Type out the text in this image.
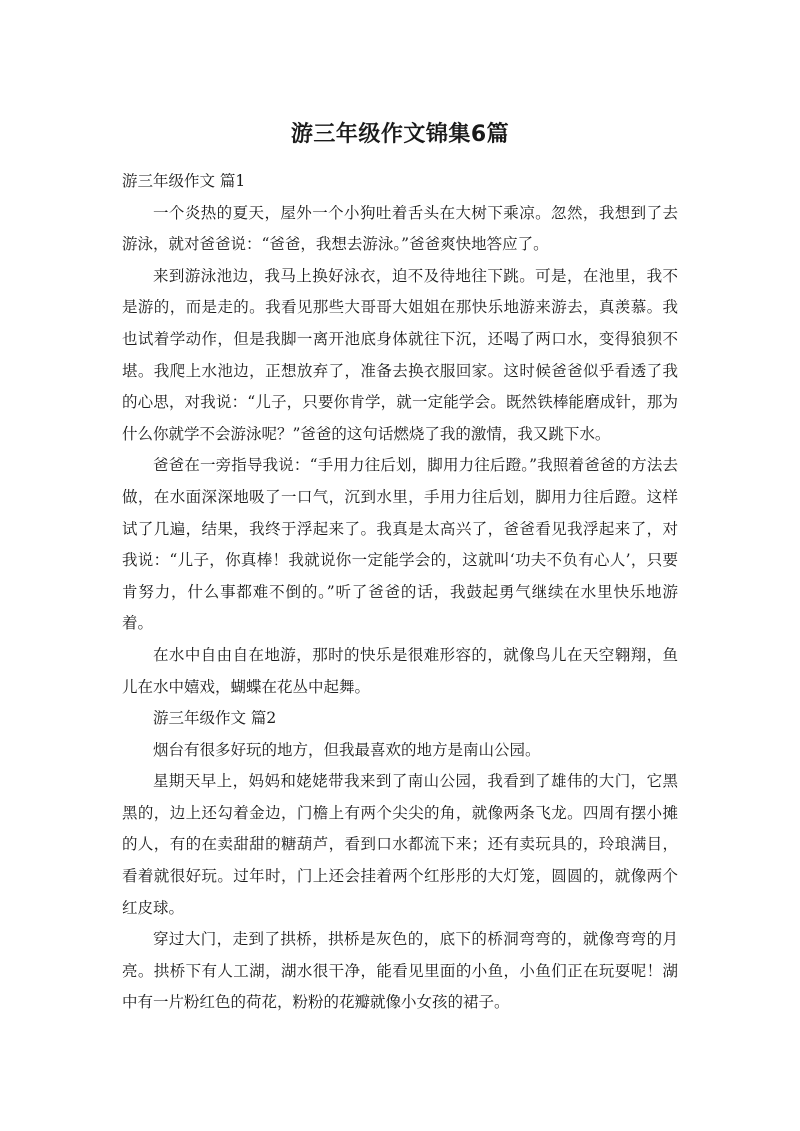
游三年级作文锦集6篇

游三年级作文 篇1

一个炎热的夏天，屋外一个小狗吐着舌头在大树下乘凉。忽然，我想到了去游泳，就对爸爸说：“爸爸，我想去游泳。”爸爸爽快地答应了。

来到游泳池边，我马上换好泳衣，迫不及待地往下跳。可是，在池里，我不是游的，而是走的。我看见那些大哥哥大姐姐在那快乐地游来游去，真羡慕。我也试着学动作，但是我脚一离开池底身体就往下沉，还喝了两口水，变得狼狈不堪。我爬上水池边，正想放弃了，准备去换衣服回家。这时候爸爸似乎看透了我的心思，对我说：“儿子，只要你肯学，就一定能学会。既然铁棒能磨成针，那为什么你就学不会游泳呢？”爸爸的这句话燃烧了我的激情，我又跳下水。

爸爸在一旁指导我说：“手用力往后划，脚用力往后蹬。”我照着爸爸的方法去做，在水面深深地吸了一口气，沉到水里，手用力往后划，脚用力往后蹬。这样试了几遍，结果，我终于浮起来了。我真是太高兴了，爸爸看见我浮起来了，对我说：“儿子，你真棒！我就说你一定能学会的，这就叫‘功夫不负有心人’，只要肯努力，什么事都难不倒的。”听了爸爸的话，我鼓起勇气继续在水里快乐地游着。

在水中自由自在地游，那时的快乐是很难形容的，就像鸟儿在天空翱翔，鱼儿在水中嬉戏，蝴蝶在花丛中起舞。

游三年级作文 篇2

烟台有很多好玩的地方，但我最喜欢的地方是南山公园。

星期天早上，妈妈和姥姥带我来到了南山公园，我看到了雄伟的大门，它黑黑的，边上还勾着金边，门檐上有两个尖尖的角，就像两条飞龙。四周有摆小摊的人，有的在卖甜甜的糖葫芦，看到口水都流下来；还有卖玩具的，玲琅满目，看着就很好玩。过年时，门上还会挂着两个红彤彤的大灯笼，圆圆的，就像两个红皮球。

穿过大门，走到了拱桥，拱桥是灰色的，底下的桥洞弯弯的，就像弯弯的月亮。拱桥下有人工湖，湖水很干净，能看见里面的小鱼，小鱼们正在玩耍呢！湖中有一片粉红色的荷花，粉粉的花瓣就像小女孩的裙子。
